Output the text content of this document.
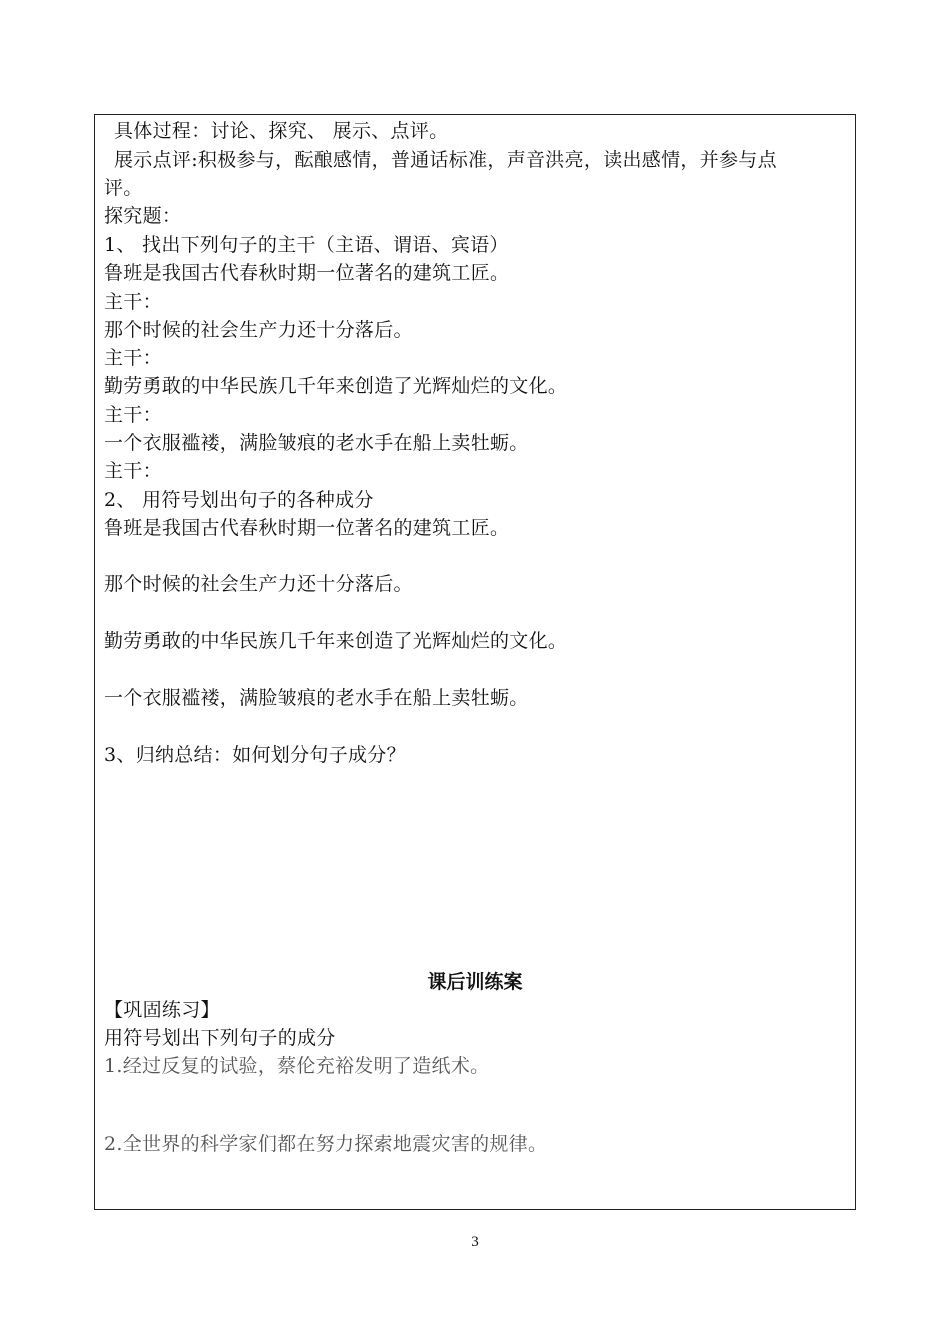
具体过程：讨论、探究、 展示、点评。
展示点评:积极参与，酝酿感情，普通话标准，声音洪亮，读出感情，并参与点
评。
探究题：
1、 找出下列句子的主干（主语、谓语、宾语）
鲁班是我国古代春秋时期一位著名的建筑工匠。
主干：
那个时候的社会生产力还十分落后。
主干：
勤劳勇敢的中华民族几千年来创造了光辉灿烂的文化。
主干：
一个衣服褴褛，满脸皱痕的老水手在船上卖牡蛎。
主干：
2、 用符号划出句子的各种成分
鲁班是我国古代春秋时期一位著名的建筑工匠。
那个时候的社会生产力还十分落后。
勤劳勇敢的中华民族几千年来创造了光辉灿烂的文化。
一个衣服褴褛，满脸皱痕的老水手在船上卖牡蛎。
3、归纳总结：如何划分句子成分？
课后训练案
【巩固练习】
用符号划出下列句子的成分
1.经过反复的试验，蔡伦充裕发明了造纸术。
2.全世界的科学家们都在努力探索地震灾害的规律。
3
